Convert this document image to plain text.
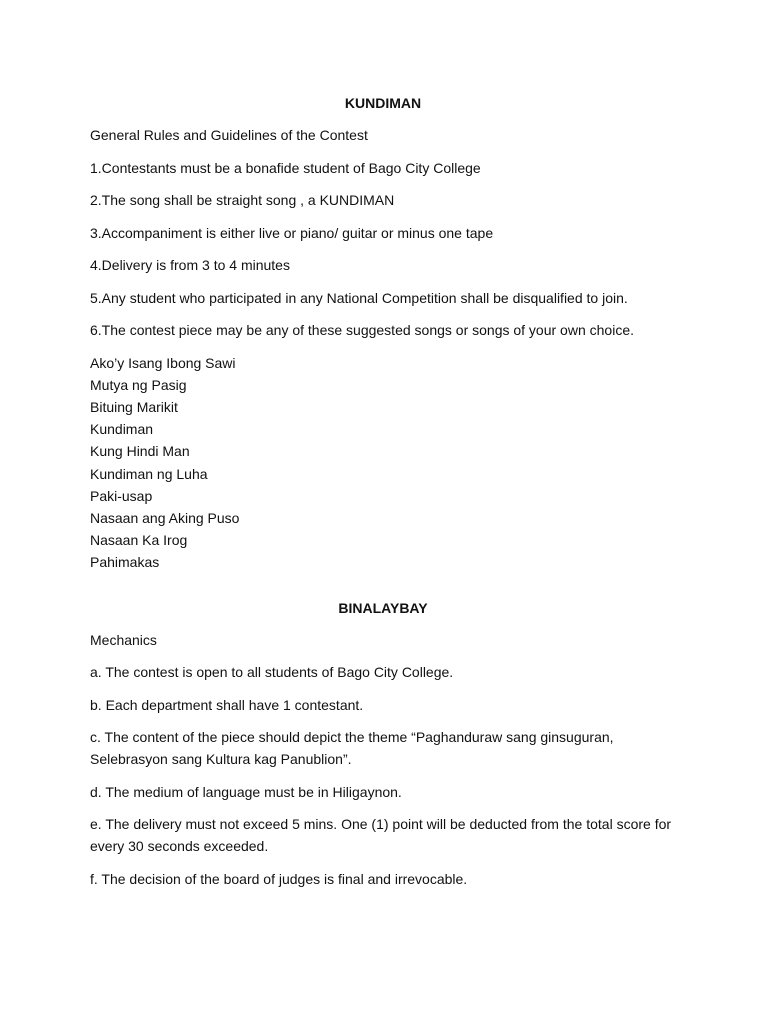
KUNDIMAN
General Rules and Guidelines of the Contest
1.Contestants must be a bonafide student of Bago City College
2.The song shall be straight song , a KUNDIMAN
3.Accompaniment is either live or piano/ guitar or minus one tape
4.Delivery is from 3 to 4 minutes
5.Any student who participated in any National Competition shall be disqualified to join.
6.The contest piece may be any of these suggested songs or songs of your own choice.
Ako’y Isang Ibong Sawi
Mutya ng Pasig
Bituing Marikit
Kundiman
Kung Hindi Man
Kundiman ng Luha
Paki-usap
Nasaan ang Aking Puso
Nasaan Ka Irog
Pahimakas
BINALAYBAY
Mechanics
a. The contest is open to all students of Bago City College.
b. Each department shall have 1 contestant.
c. The content of the piece should depict the theme “Paghanduraw sang ginsuguran, Selebrasyon sang Kultura kag Panublion”.
d. The medium of language must be in Hiligaynon.
e. The delivery must not exceed 5 mins. One (1) point will be deducted from the total score for every 30 seconds exceeded.
f. The decision of the board of judges is final and irrevocable.
